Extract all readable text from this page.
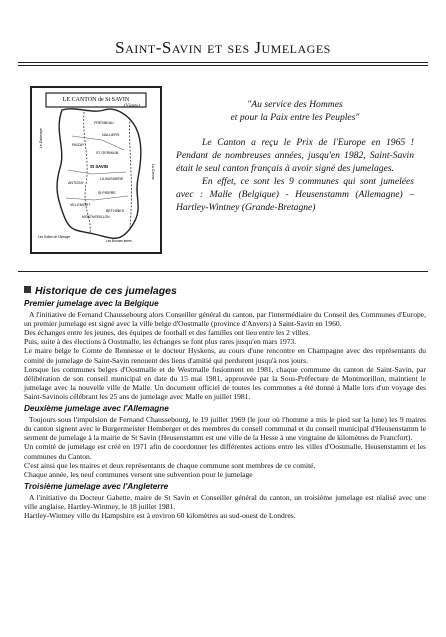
Saint-Savin et ses Jumelages
LE CANTON de St SAVIN
(Vienne)
FRESNEAU
NALLIERS
PAIZAY
ST GERMAIN
ANTIGNY
LA BUSSIERE
St SAVIN
VILLEMORT
St PIERRE
MONTMORILLON
BETHINES
Le Gartempe
La Creuse
Les Salles de l'Abbaye
Les Bonnes terres
"Au service des Hommes
et pour la Paix entre les Peuples"

Le Canton a reçu le Prix de l'Europe en 1965 ! Pendant de nombreuses années, jusqu'en 1982, Saint-Savin était le seul canton français à avoir signé des jumelages.

En effet, ce sont les 9 communes qui sont jumelées avec : Malle (Belgique) - Heusenstamm (Allemagne) – Hartley-Wintney (Grande-Bretagne)

Historique de ces jumelages
Premier jumelage avec la Belgique

A l'initiative de Fernand Chaussebourg alors Conseiller général du canton, par l'intermédiaire du Conseil des Communes d'Europe, un premier jumelage est signé avec la ville belge d'Oostmalle (province d'Anvers) à Saint-Savin en 1960.

Des échanges entre les jeunes, des équipes de football et des familles ont lieu entre les 2 villes.

Puis, suite à des élections à Oostmalle, les échanges se font plus rares jusqu'en mars 1973.

Le maire belge le Comte de Rennesse et le docteur Hyskens, au cours d'une rencontre en Champagne avec des représentants du comité de jumelage de Saint-Savin renouent des liens d'amitié qui perdurent jusqu'à nos jours.

Lorsque les communes belges d'Oostmalle et de Westmalle fusionnent en 1981, chaque commune du canton de Saint-Savin, par délibération de son conseil municipal en date du 15 mai 1981, approuvée par la Sous-Préfecture de Montmorillon, maintient le jumelage avec la nouvelle ville de Malle. Un document officiel de toutes les communes a été donné à Malle lors d'un voyage des Saint-Savinois célébrant les 25 ans de jumelage avec Malle en juillet 1981.

Deuxième jumelage avec l'Allemagne

Toujours sous l'impulsion de Fernand Chaussebourg, le 19 juillet 1969 (le jour où l'homme a mis le pied sur la lune) les 9 maires du canton signent avec le Burgermeister Hemberger et des membres du conseil communal et du conseil municipal d'Heusenstamm le serment de jumelage à la mairie de St Savin (Heusenstamm est une ville de la Hesse à une vingtaine de kilomètres de Francfort).

Un comité de jumelage est créé en 1971 afin de coordonner les différentes actions entre les villes d'Oostmalle, Heusenstamm et les communes du Canton.

C'est ainsi que les maires et deux représentants de chaque commune sont membres de ce comité.

Chaque année, les neuf communes versent une subvention pour le jumelage

Troisième jumelage avec l'Angleterre

A l'initiative du Docteur Gabette, maire de St Savin et Conseiller général du canton, un troisième jumelage est réalisé avec une ville anglaise, Hartley-Wintney, le 18 juillet 1981.

Hartley-Wintney ville du Hampshire est à environ 60 kilomètres au sud-ouest de Londres.
